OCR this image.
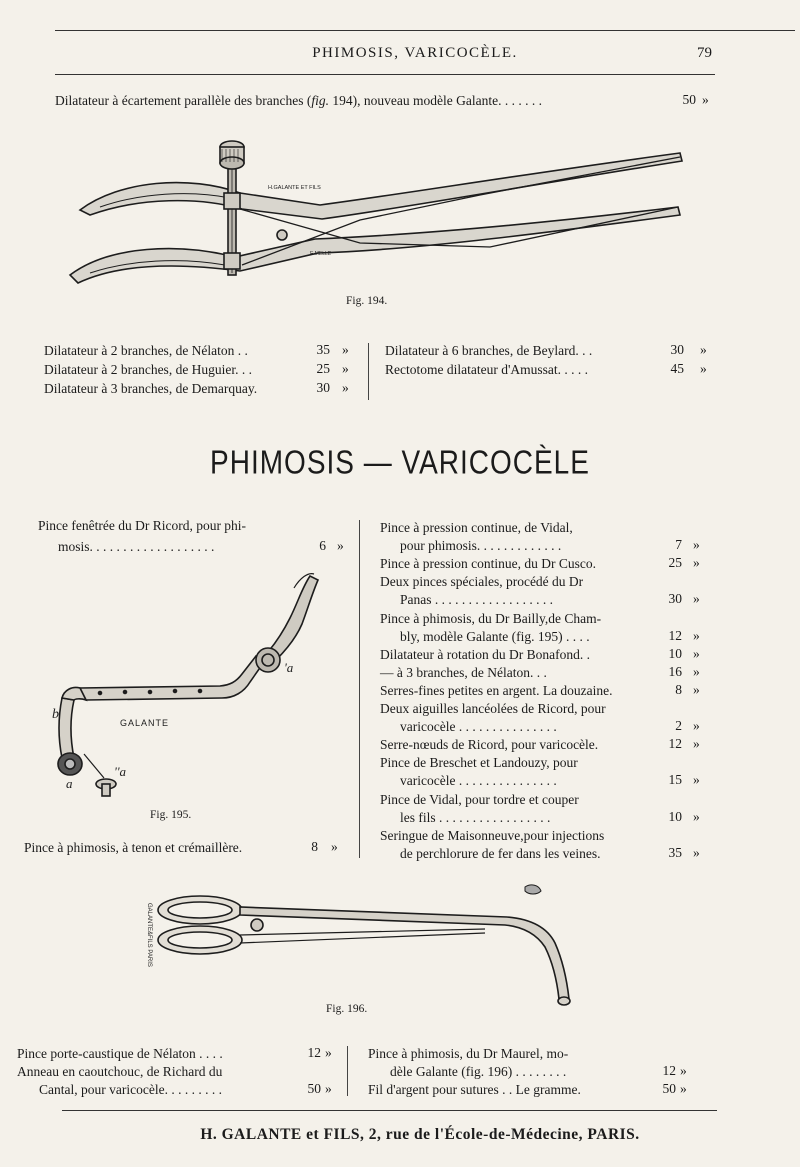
PHIMOSIS, VARICOCÈLE.	79
Dilatateur à écartement parallèle des branches (fig. 194), nouveau modèle Galante. . . . . . .	50 »
H.GALANTE ET FILS
E.MELLE
Fig. 194.
Dilatateur à 2 branches, de Nélaton . .	35 »
Dilatateur à 2 branches, de Huguier. . .	25 »
Dilatateur à 3 branches, de Demarquay.	30 »
Dilatateur à 6 branches, de Beylard. . .	30 »
Rectotome dilatateur d'Amussat. . . . .	45 »
PHIMOSIS — VARICOCÈLE
Pince fenêtrée du Dr Ricord, pour phi-
mosis. . . . . . . . . . . . . . . . . . .	6 »
GALANTE
b
a
'a
''a
Fig. 195.
Pince à phimosis, à tenon et crémaillère.	8 »
Pince à pression continue, de Vidal,
pour phimosis. . . . . . . . . . . . .	7 »
Pince à pression continue, du Dr Cusco.	25 »
Deux pinces spéciales, procédé du Dr
Panas . . . . . . . . . . . . . . . . . .	30 »
Pince à phimosis, du Dr Bailly,de Cham-
bly, modèle Galante (fig. 195) . . . .	12 »
Dilatateur à rotation du Dr Bonafond. .	10 »
— à 3 branches, de Nélaton. . .	16 »
Serres-fines petites en argent. La douzaine.	8 »
Deux aiguilles lancéolées de Ricord, pour
varicocèle . . . . . . . . . . . . . . .	2 »
Serre-nœuds de Ricord, pour varicocèle.	12 »
Pince de Breschet et Landouzy, pour
varicocèle . . . . . . . . . . . . . . .	15 »
Pince de Vidal, pour tordre et couper
les fils . . . . . . . . . . . . . . . . .	10 »
Seringue de Maisonneuve,pour injections
de perchlorure de fer dans les veines.	35 »
GALANTE&FILS PARIS
Fig. 196.
Pince porte-caustique de Nélaton . . . .	12 »
Anneau en caoutchouc, de Richard du
Cantal, pour varicocèle. . . . . . . . .	50 »
Pince à phimosis, du Dr Maurel, mo-
dèle Galante (fig. 196) . . . . . . . .	12 »
Fil d'argent pour sutures . . Le gramme.	50 »
H. GALANTE et FILS, 2, rue de l'École-de-Médecine, PARIS.
